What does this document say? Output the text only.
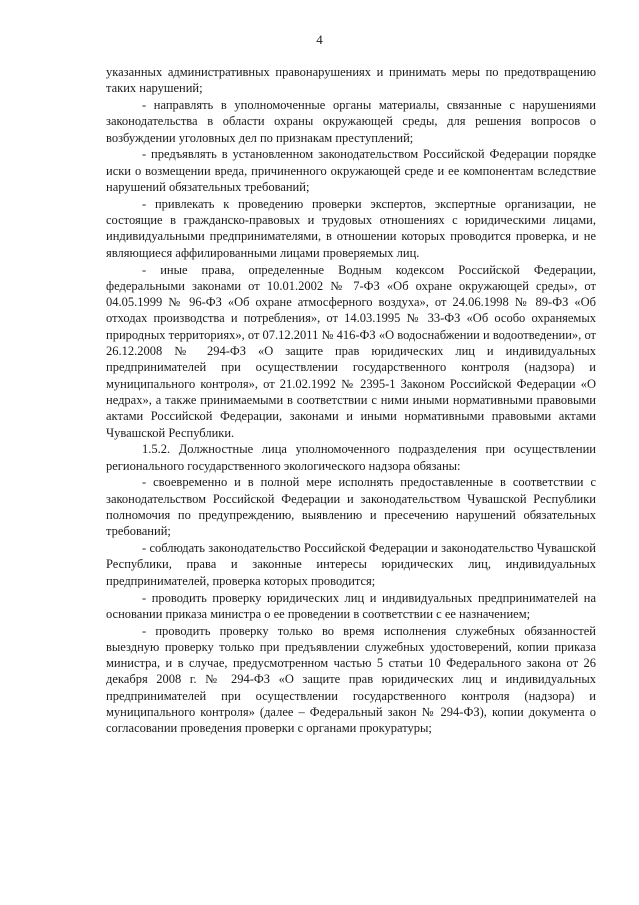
4

указанных административных правонарушениях и принимать меры по предотвращению таких нарушений;

- направлять в уполномоченные органы материалы, связанные с нарушениями законодательства в области охраны окружающей среды, для решения вопросов о возбуждении уголовных дел по признакам преступлений;

- предъявлять в установленном законодательством Российской Федерации порядке иски о возмещении вреда, причиненного окружающей среде и ее компонентам вследствие нарушений обязательных требований;

- привлекать к проведению проверки экспертов, экспертные организации, не состоящие в гражданско-правовых и трудовых отношениях с юридическими лицами, индивидуальными предпринимателями, в отношении которых проводится проверка, и не являющиеся аффилированными лицами проверяемых лиц.

- иные права, определенные Водным кодексом Российской Федерации, федеральными законами от 10.01.2002 № 7-ФЗ «Об охране окружающей среды», от 04.05.1999 № 96-ФЗ «Об охране атмосферного воздуха», от 24.06.1998 № 89-ФЗ «Об отходах производства и потребления», от 14.03.1995 № 33-ФЗ «Об особо охраняемых природных территориях», от 07.12.2011 № 416-ФЗ «О водоснабжении и водоотведении», от 26.12.2008 № 294-ФЗ «О защите прав юридических лиц и индивидуальных предпринимателей при осуществлении государственного контроля (надзора) и муниципального контроля», от 21.02.1992 № 2395-1 Законом Российской Федерации «О недрах», а также принимаемыми в соответствии с ними иными нормативными правовыми актами Российской Федерации, законами и иными нормативными правовыми актами Чувашской Республики.

1.5.2. Должностные лица уполномоченного подразделения при осуществлении регионального государственного экологического надзора обязаны:

- своевременно и в полной мере исполнять предоставленные в соответствии с законодательством Российской Федерации и законодательством Чувашской Республики полномочия по предупреждению, выявлению и пресечению нарушений обязательных требований;

- соблюдать законодательство Российской Федерации и законодательство Чувашской Республики, права и законные интересы юридических лиц, индивидуальных предпринимателей, проверка которых проводится;

- проводить проверку юридических лиц и индивидуальных предпринимателей на основании приказа министра о ее проведении в соответствии с ее назначением;

- проводить проверку только во время исполнения служебных обязанностей выездную проверку только при предъявлении служебных удостоверений, копии приказа министра, и в случае, предусмотренном частью 5 статьи 10 Федерального закона от 26 декабря 2008 г. № 294-ФЗ «О защите прав юридических лиц и индивидуальных предпринимателей при осуществлении государственного контроля (надзора) и муниципального контроля» (далее – Федеральный закон № 294-ФЗ), копии документа о согласовании проведения проверки с органами прокуратуры;
